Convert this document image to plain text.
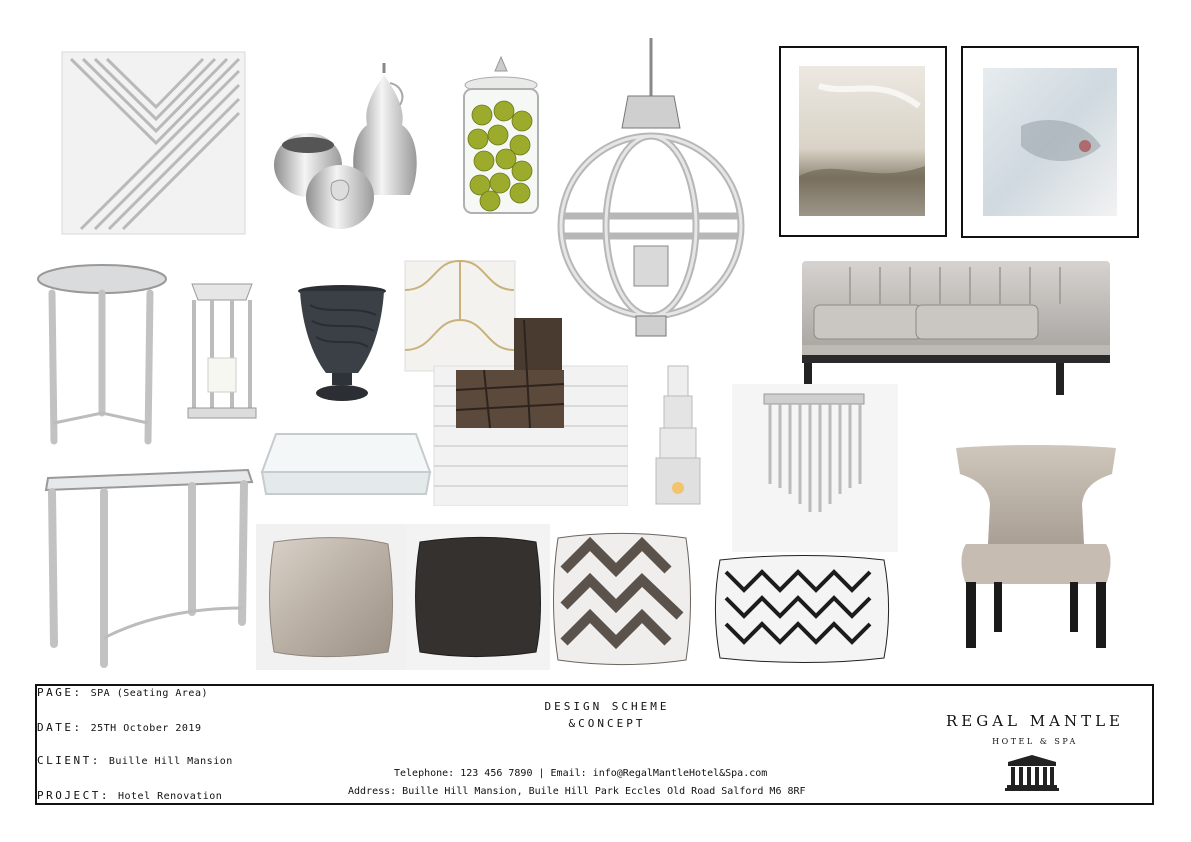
PAGE: SPA (Seating Area)
DATE: 25TH October 2019
CLIENT: Buille Hill Mansion
PROJECT: Hotel Renovation
DESIGN SCHEME
&CONCEPT
Telephone: 123 456 7890 | Email: info@RegalMantleHotel&Spa.com
Address: Buille Hill Mansion, Buile Hill Park Eccles Old Road Salford M6 8RF
REGAL MANTLE
HOTEL & SPA
